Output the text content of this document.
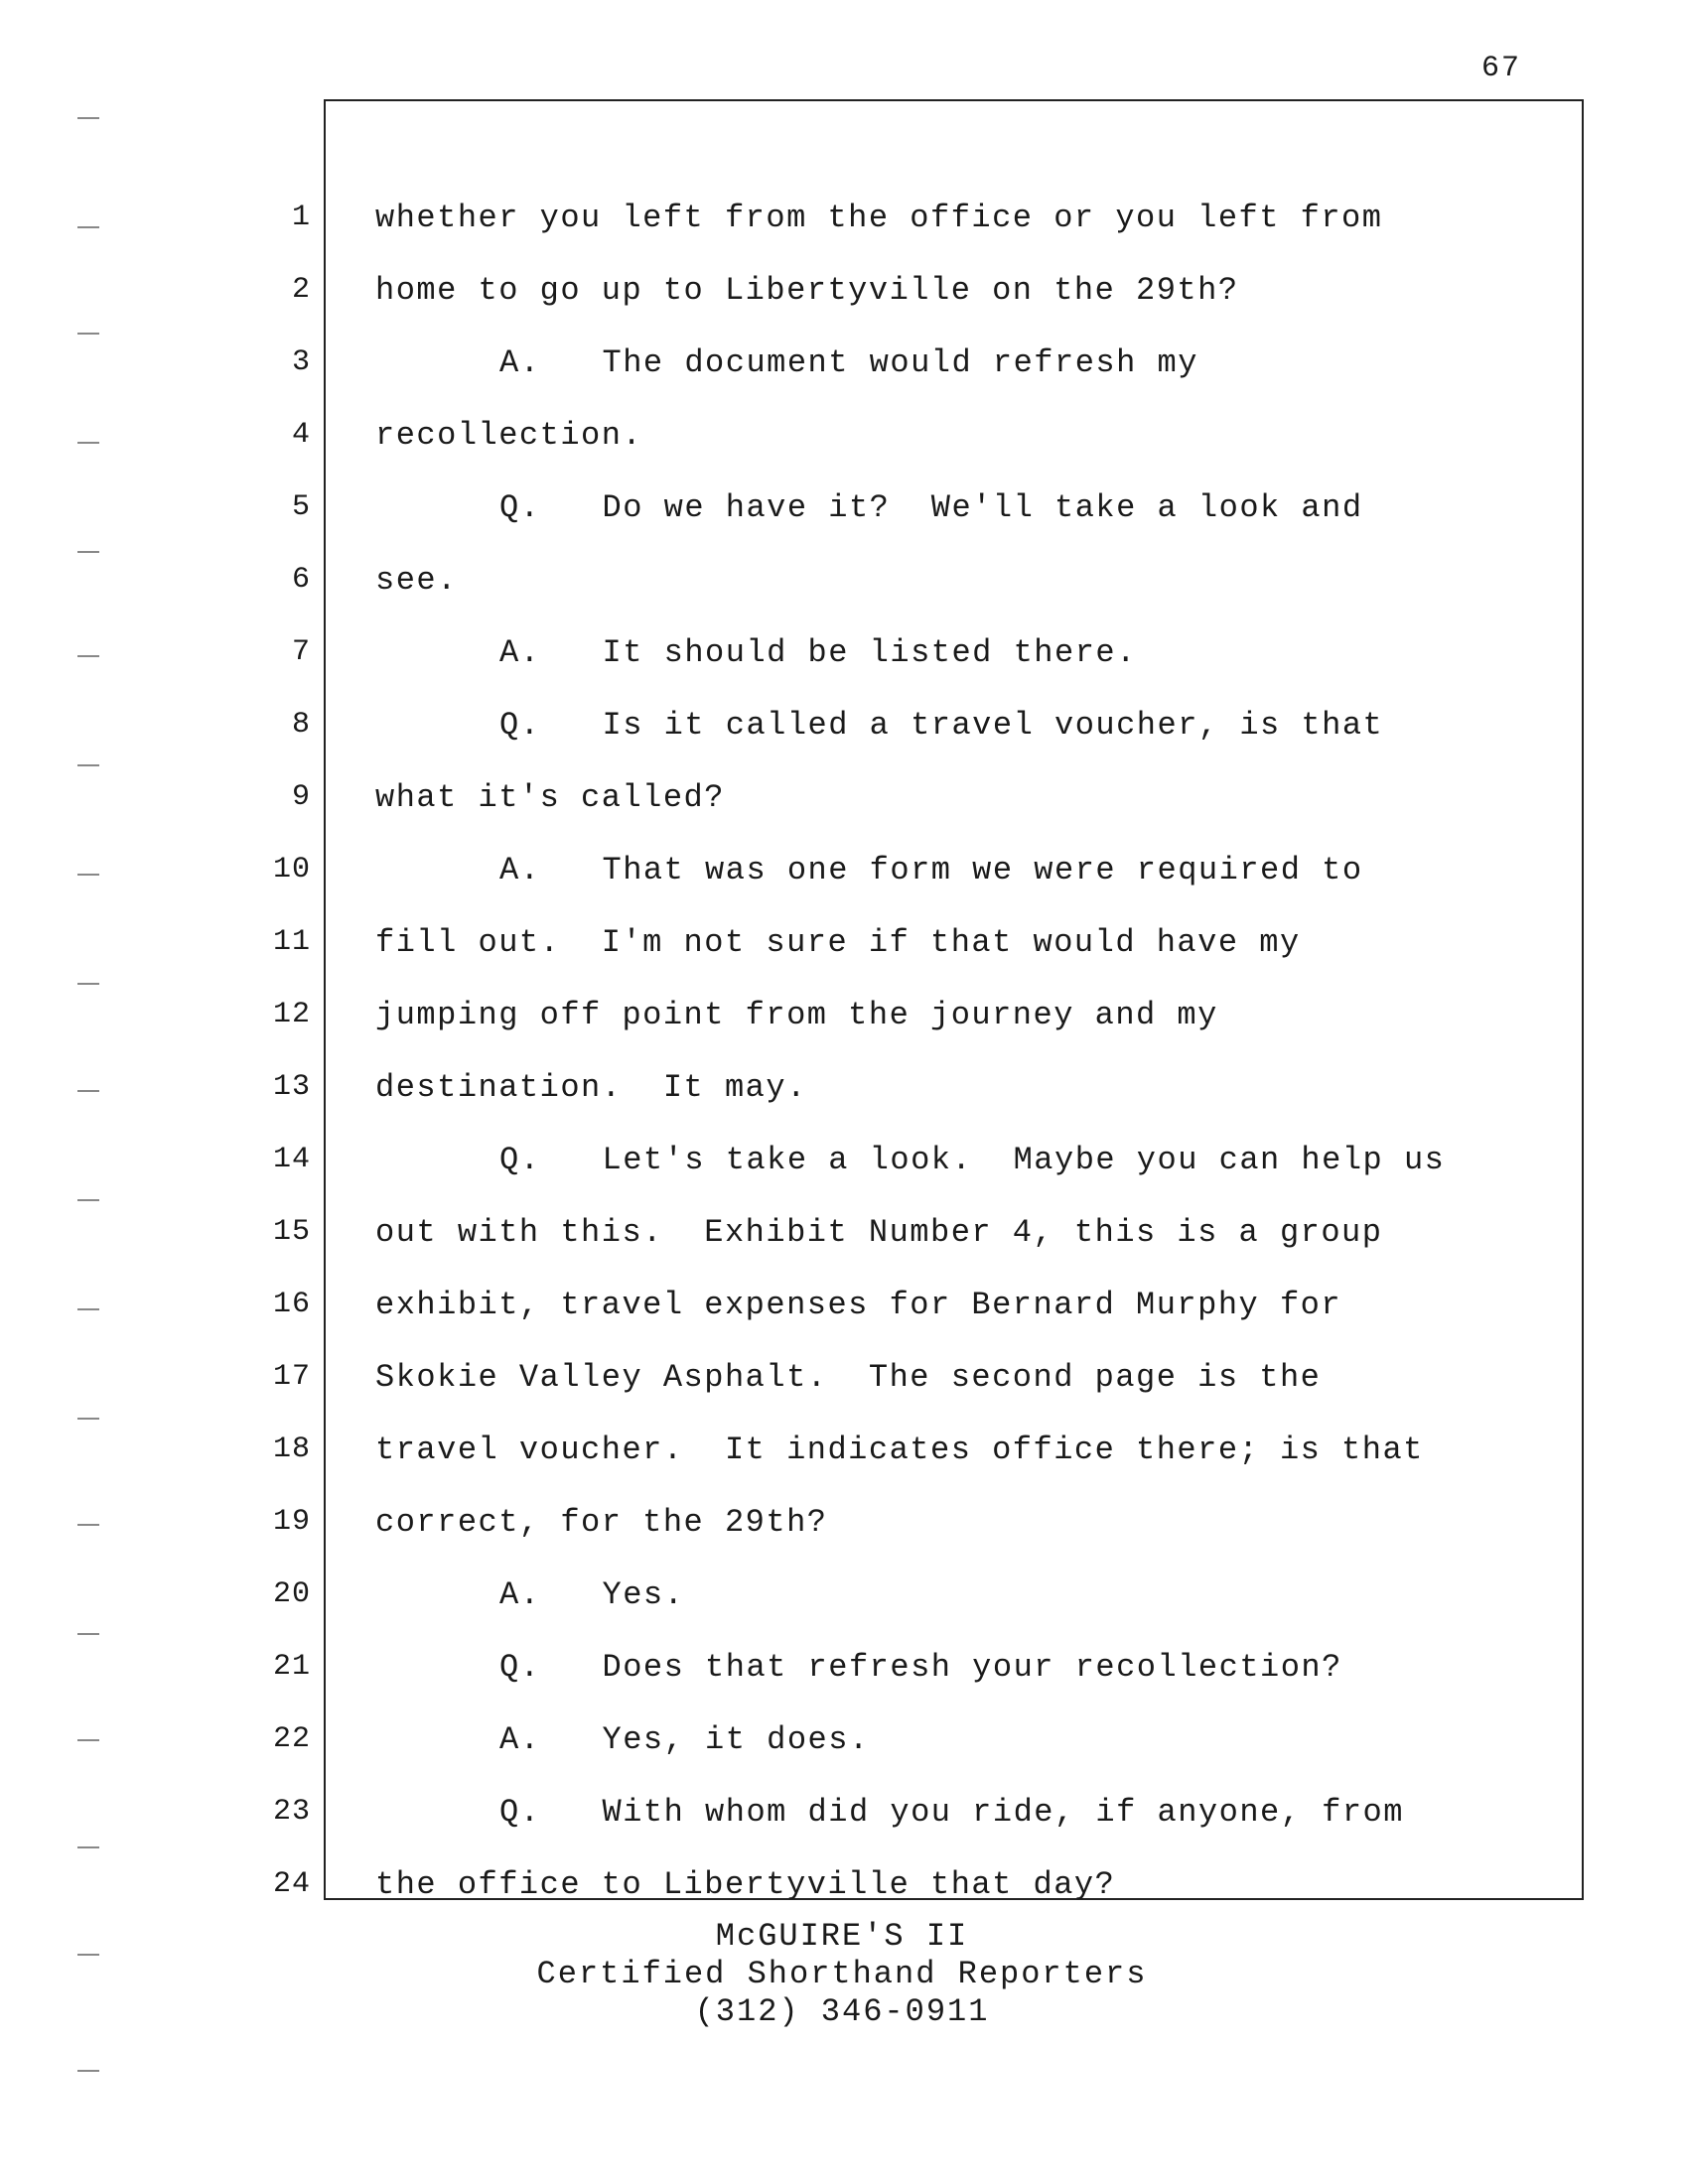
67
1 whether you left from the office or you left from
2 home to go up to Libertyville on the 29th?
3	A.   The document would refresh my
4 recollection.
5	Q.   Do we have it?  We'll take a look and
6 see.
7	A.   It should be listed there.
8	Q.   Is it called a travel voucher, is that
9 what it's called?
10	A.   That was one form we were required to
11 fill out.  I'm not sure if that would have my
12 jumping off point from the journey and my
13 destination.  It may.
14	Q.   Let's take a look.  Maybe you can help us
15 out with this.  Exhibit Number 4, this is a group
16 exhibit, travel expenses for Bernard Murphy for
17 Skokie Valley Asphalt.  The second page is the
18 travel voucher.  It indicates office there; is that
19 correct, for the 29th?
20	A.   Yes.
21	Q.   Does that refresh your recollection?
22	A.   Yes, it does.
23	Q.   With whom did you ride, if anyone, from
24 the office to Libertyville that day?
McGUIRE'S II
Certified Shorthand Reporters
(312) 346-0911
